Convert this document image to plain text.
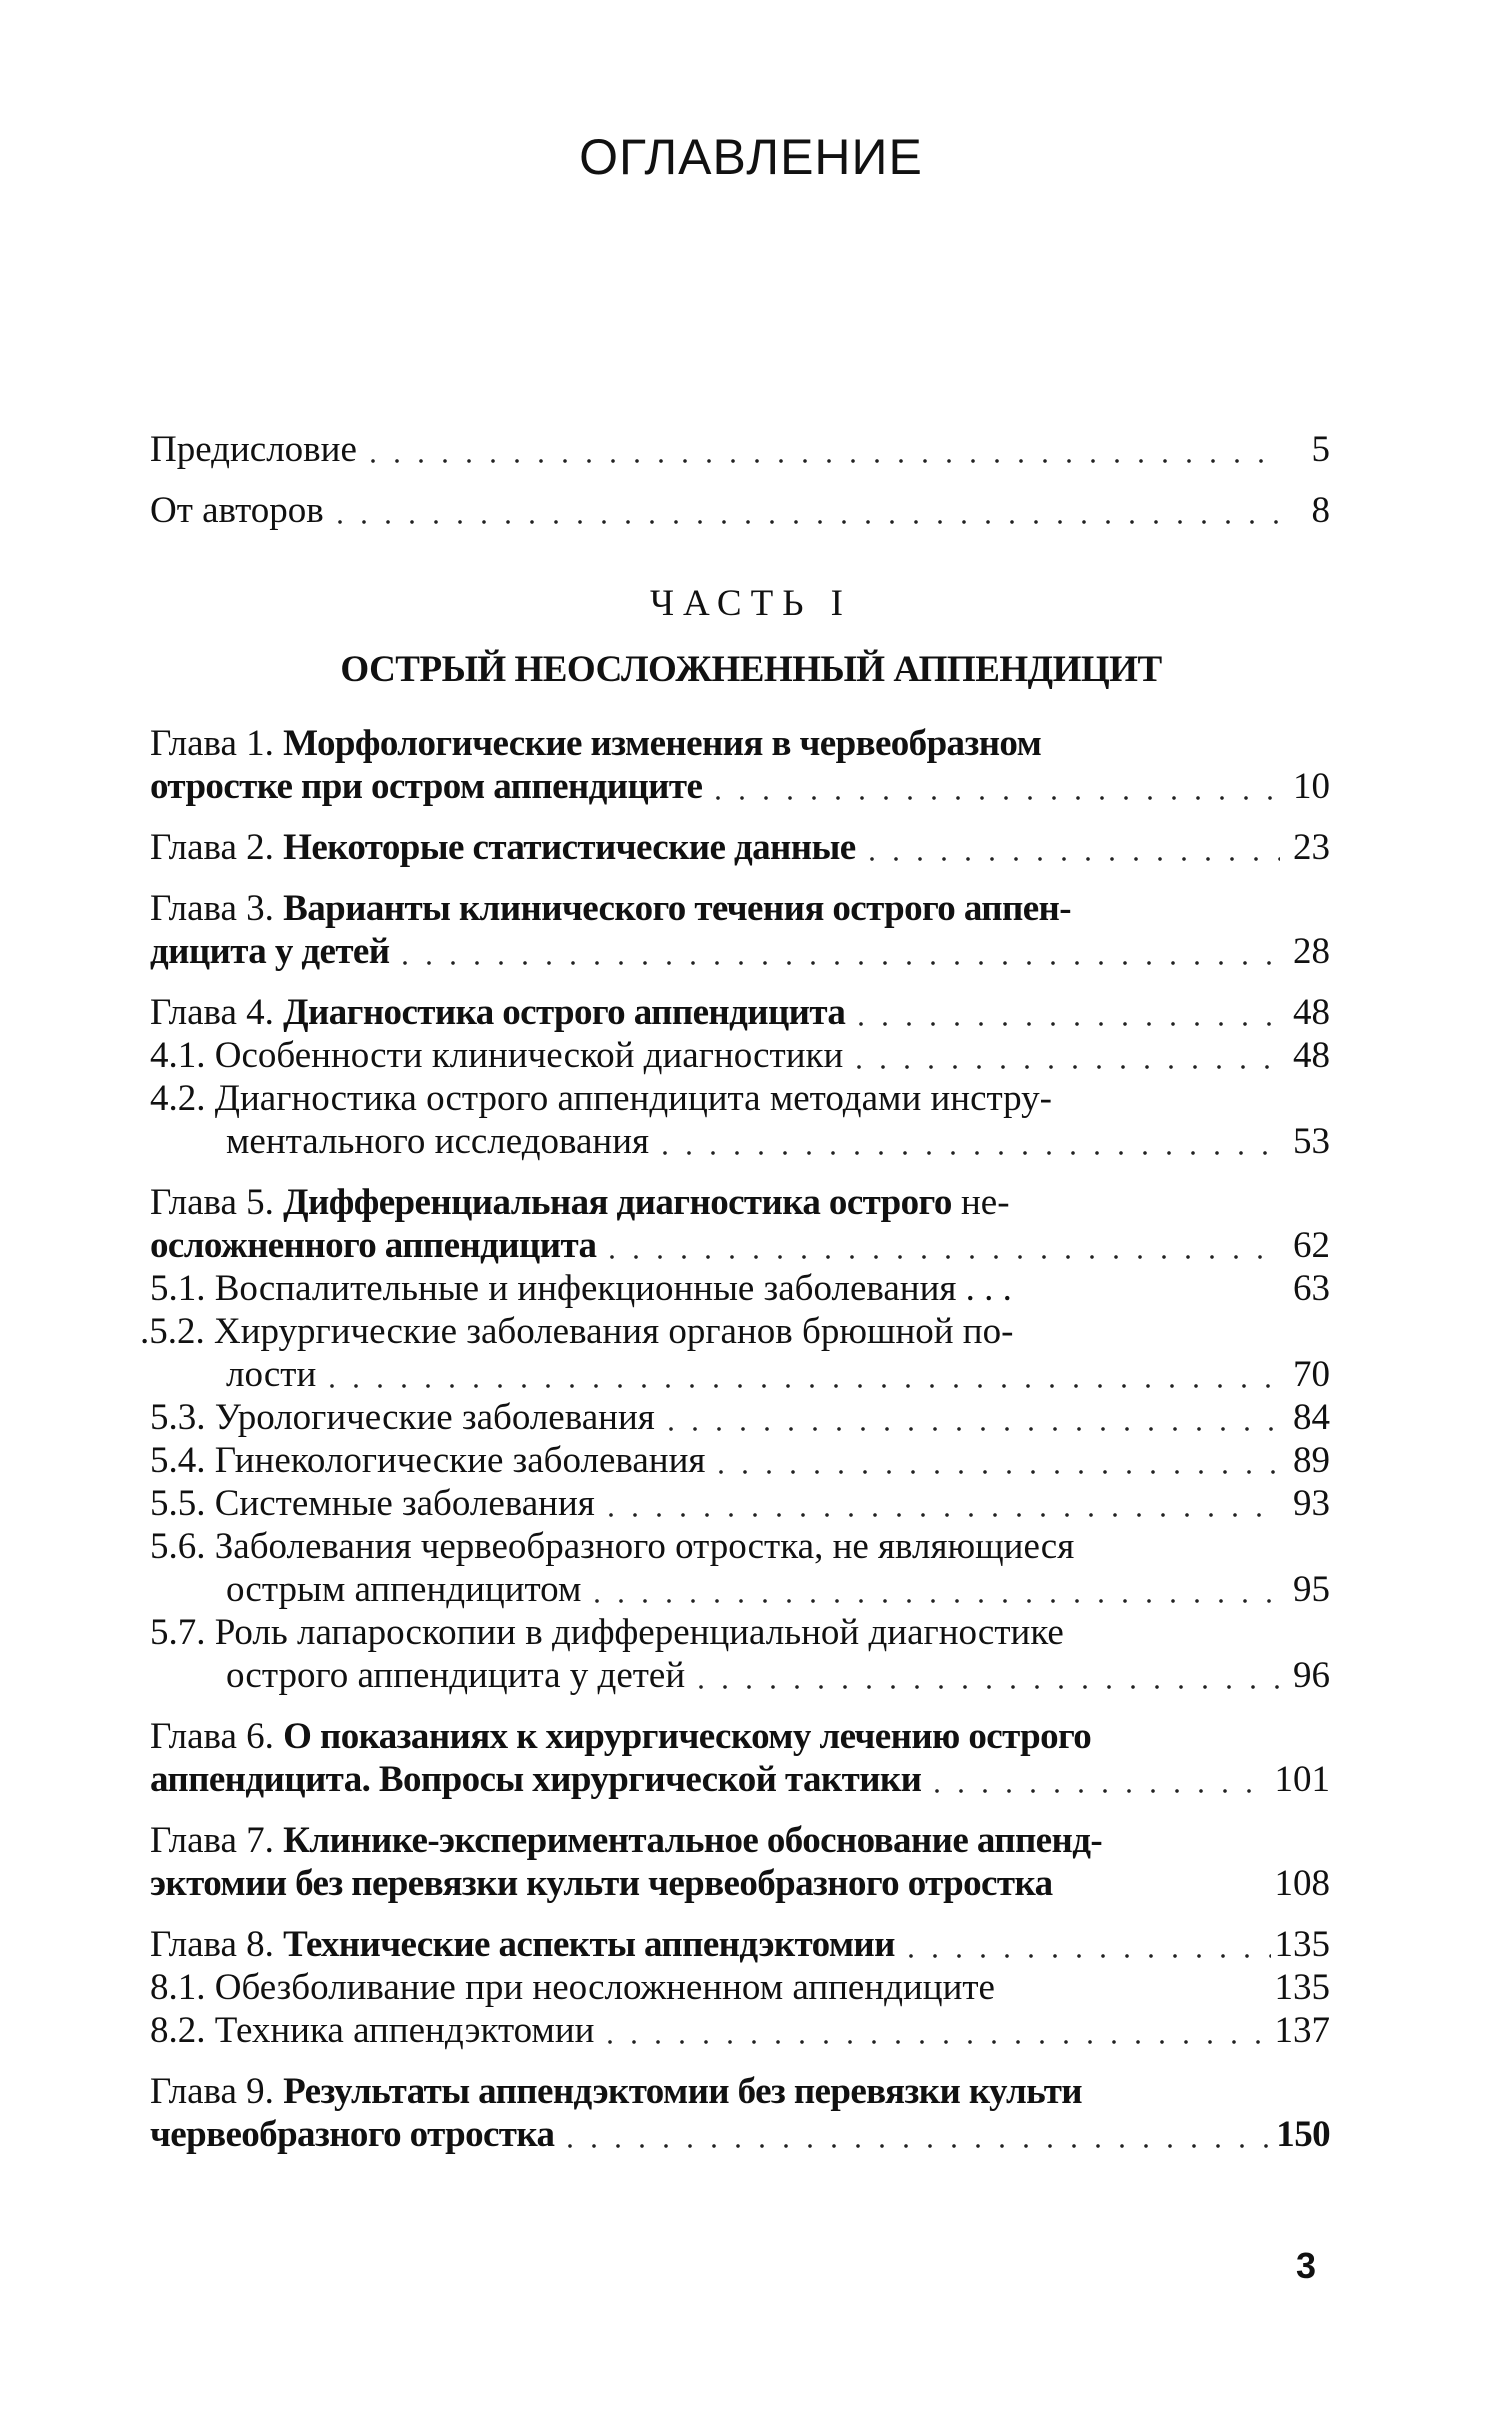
ОГЛАВЛЕНИЕ
Предисловие	5
От авторов	8
ЧАСТЬ I
ОСТРЫЙ НЕОСЛОЖНЕННЫЙ АППЕНДИЦИТ
Глава 1. Морфологические изменения в червеобразном
отростке при остром аппендиците	10
Глава 2. Некоторые статистические данные	23
Глава 3. Варианты клинического течения острого аппен-
дицита у детей	28
Глава 4. Диагностика острого аппендицита	48
4.1. Особенности клинической диагностики	48
4.2. Диагностика острого аппендицита методами инстру-
ментального исследования	53
Глава 5. Дифференциальная диагностика острого не-
осложненного аппендицита	62
5.1. Воспалительные и инфекционные заболевания . . .	63
.5.2. Хирургические заболевания органов брюшной по-
лости	70
5.3. Урологические заболевания	84
5.4. Гинекологические заболевания	89
5.5. Системные заболевания	93
5.6. Заболевания червеобразного отростка, не являющиеся
острым аппендицитом	95
5.7. Роль лапароскопии в дифференциальной диагностике
острого аппендицита у детей	96
Глава 6. О показаниях к хирургическому лечению острого
аппендицита. Вопросы хирургической тактики	101
Глава 7. Клинике-экспериментальное обоснование аппенд-
эктомии без перевязки культи червеобразного отростка	108
Глава 8. Технические аспекты аппендэктомии	135
8.1. Обезболивание при неосложненном аппендиците	135
8.2. Техника аппендэктомии	137
Глава 9. Результаты аппендэктомии без перевязки культи
червеобразного отростка	150
3
